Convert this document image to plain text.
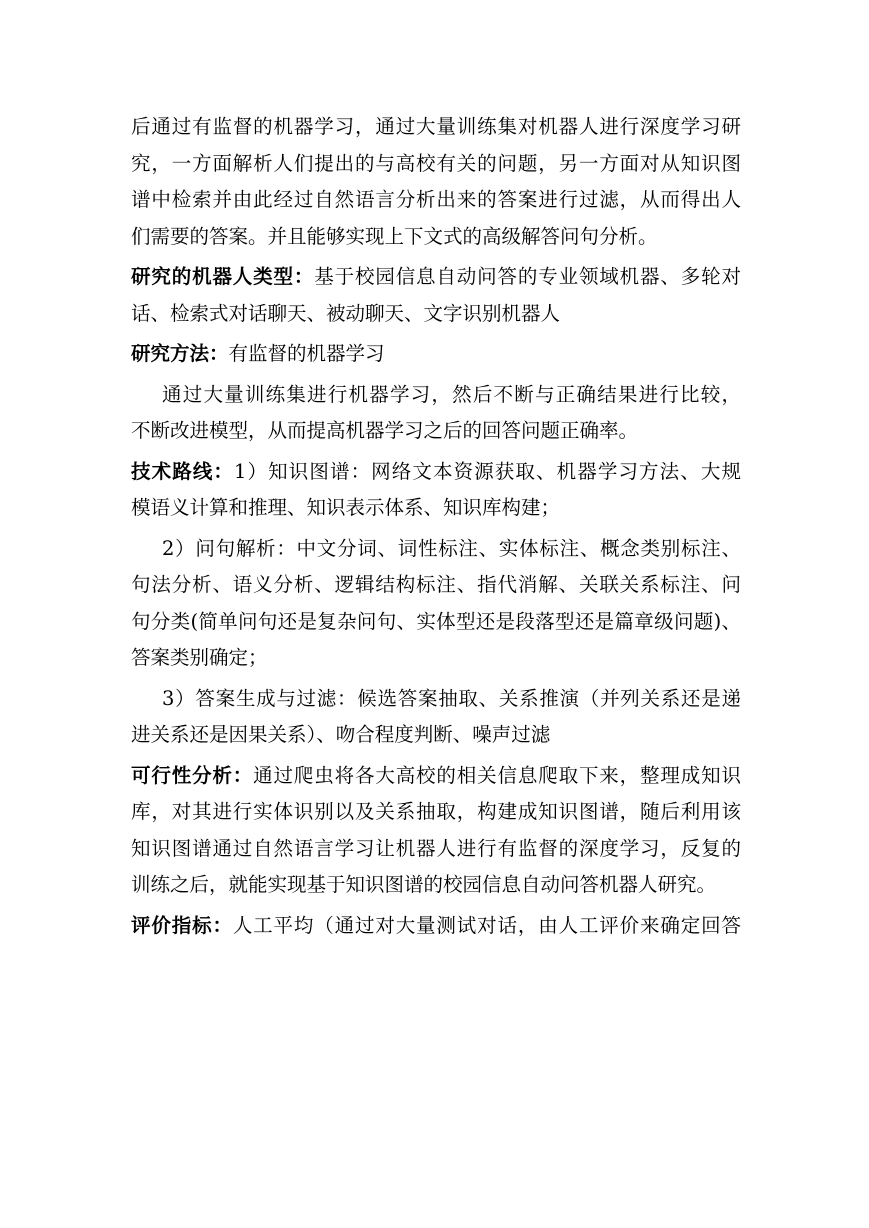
后通过有监督的机器学习，通过大量训练集对机器人进行深度学习研
究，一方面解析人们提出的与高校有关的问题，另一方面对从知识图
谱中检索并由此经过自然语言分析出来的答案进行过滤，从而得出人
们需要的答案。并且能够实现上下文式的高级解答问句分析。
研究的机器人类型：基于校园信息自动问答的专业领域机器、多轮对
话、检索式对话聊天、被动聊天、文字识别机器人
研究方法：有监督的机器学习
通过大量训练集进行机器学习，然后不断与正确结果进行比较，
不断改进模型，从而提高机器学习之后的回答问题正确率。
技术路线：1）知识图谱：网络文本资源获取、机器学习方法、大规
模语义计算和推理、知识表示体系、知识库构建；
2）问句解析：中文分词、词性标注、实体标注、概念类别标注、
句法分析、语义分析、逻辑结构标注、指代消解、关联关系标注、问
句分类(简单问句还是复杂问句、实体型还是段落型还是篇章级问题)、
答案类别确定；
3）答案生成与过滤：候选答案抽取、关系推演（并列关系还是递
进关系还是因果关系）、吻合程度判断、噪声过滤
可行性分析：通过爬虫将各大高校的相关信息爬取下来，整理成知识
库，对其进行实体识别以及关系抽取，构建成知识图谱，随后利用该
知识图谱通过自然语言学习让机器人进行有监督的深度学习，反复的
训练之后，就能实现基于知识图谱的校园信息自动问答机器人研究。
评价指标：人工平均（通过对大量测试对话，由人工评价来确定回答
